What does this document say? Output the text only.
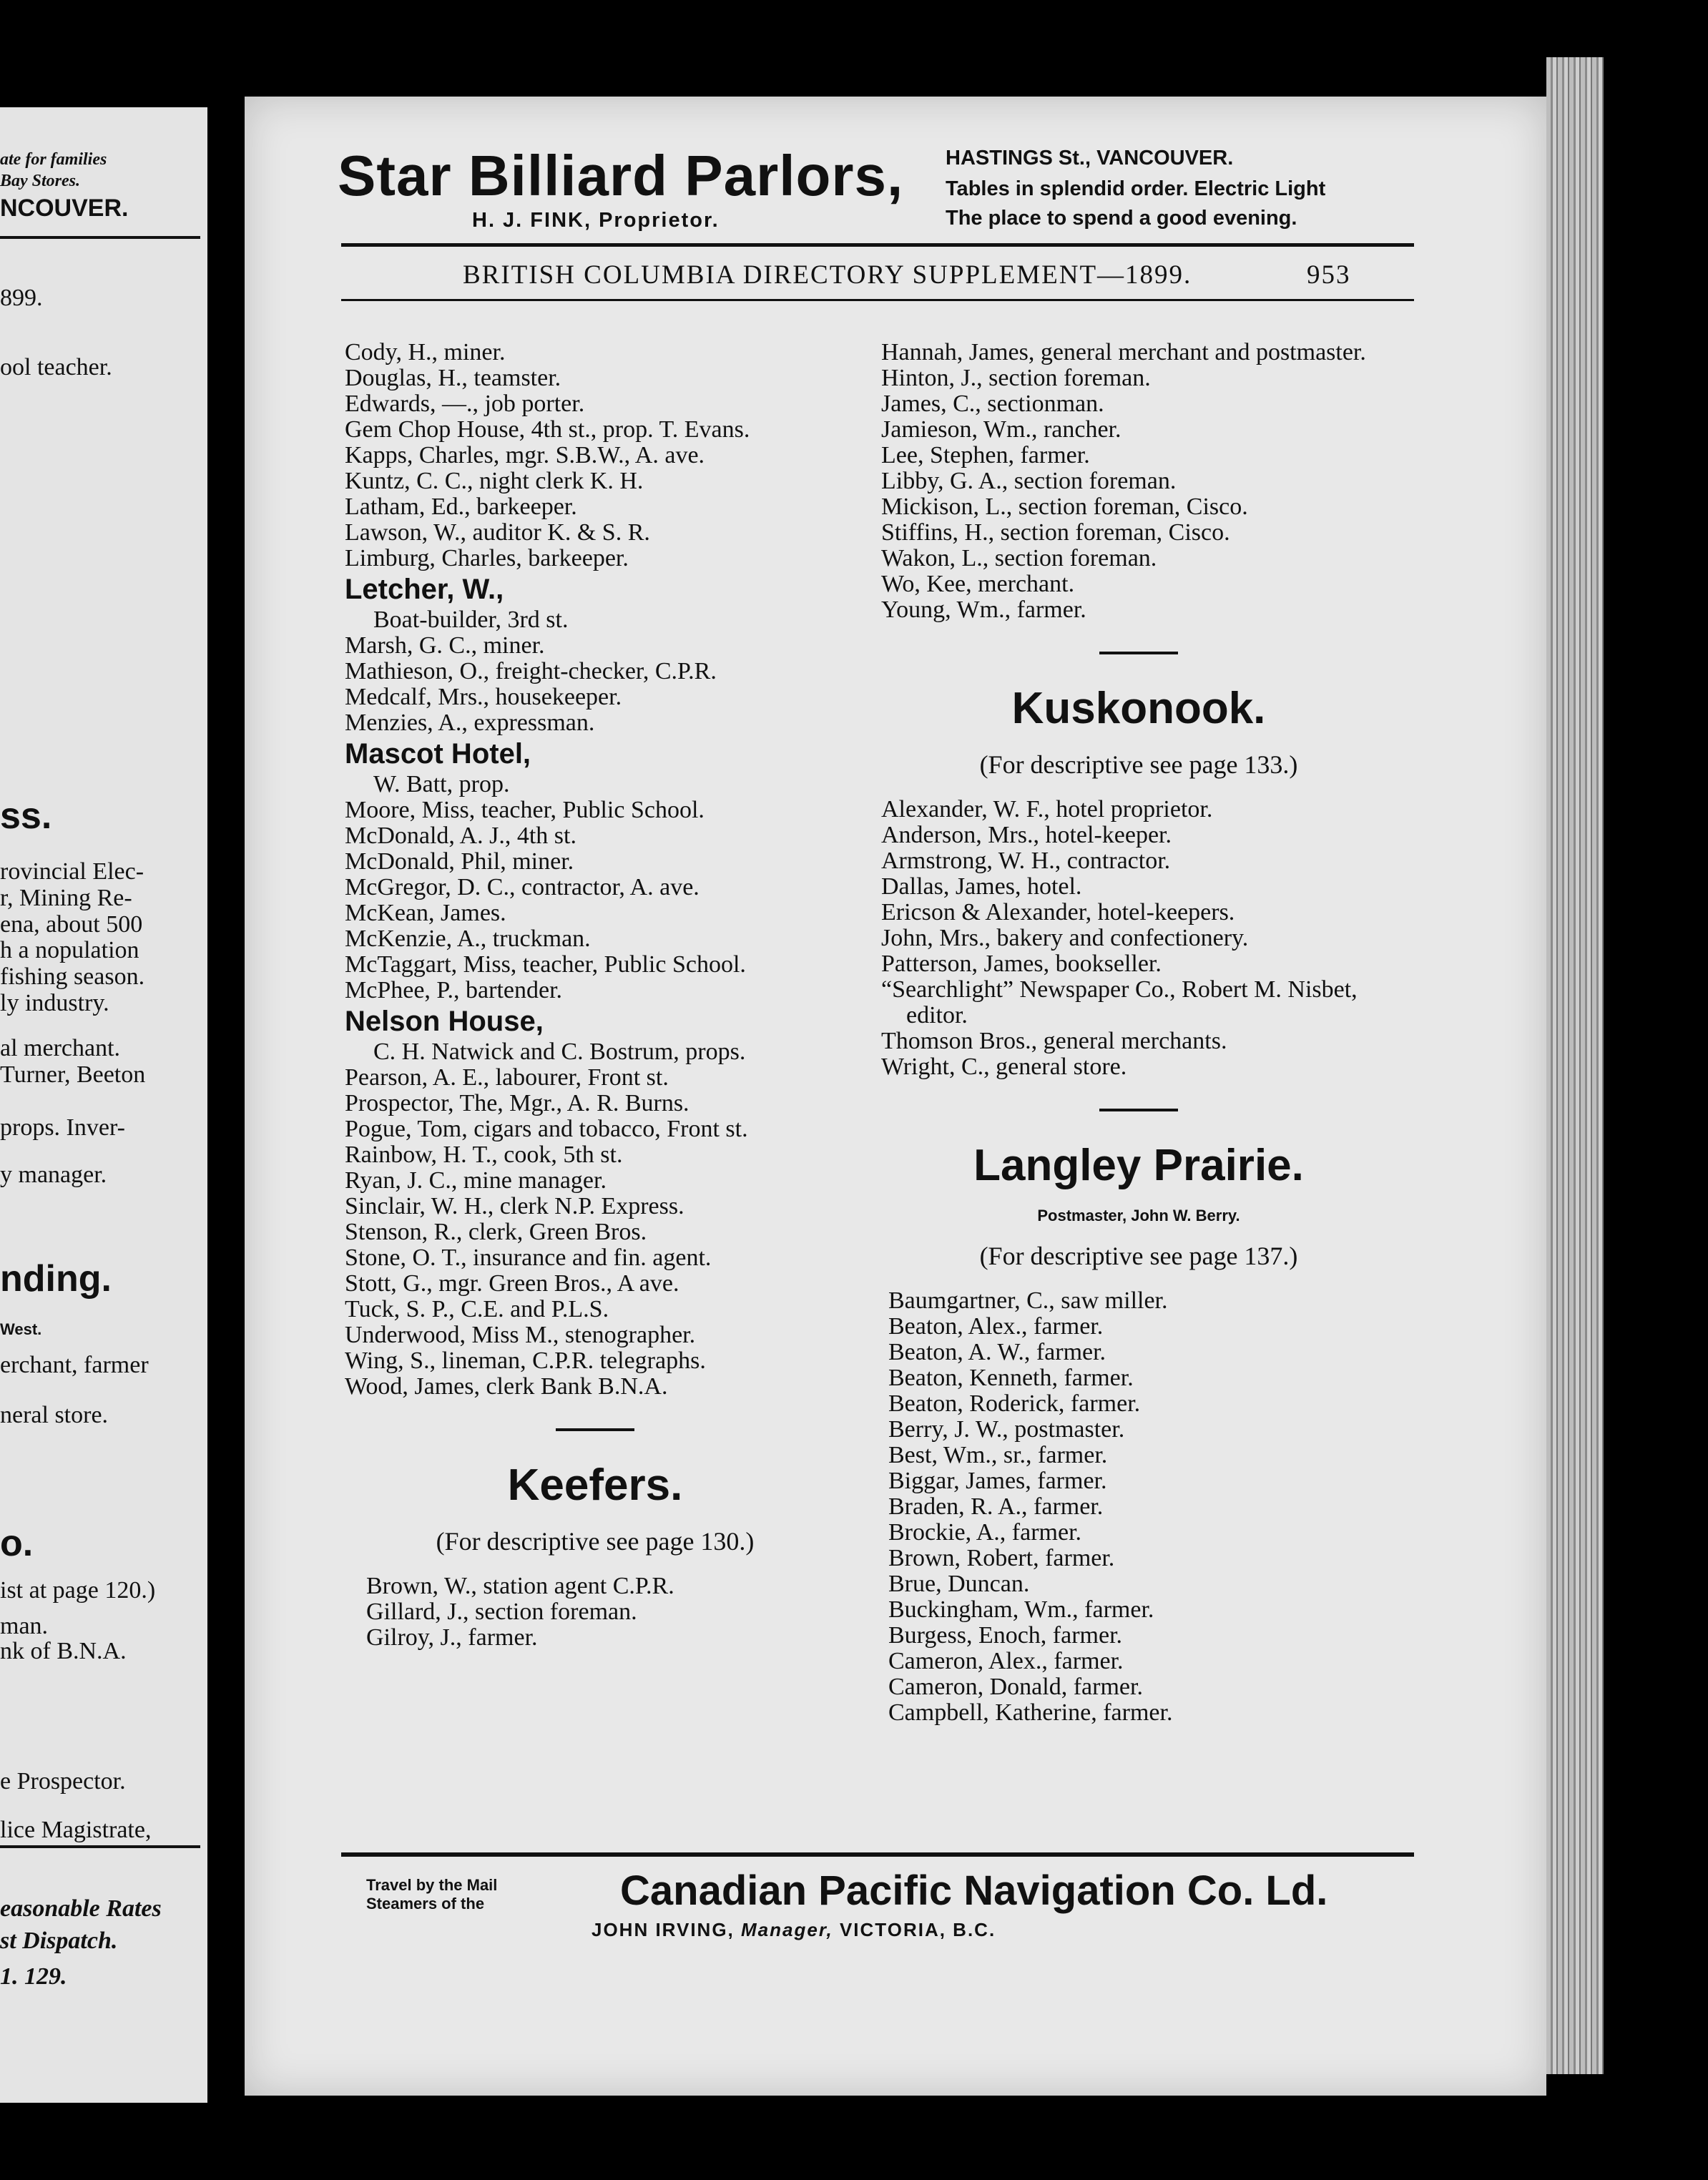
ate for families
Bay Stores.
NCOUVER.
899.
ool teacher.
ss.
rovincial Elec-
r, Mining Re-
ena, about 500
h a nopulation
fishing season.
ly industry.
al merchant.
Turner, Beeton
props. Inver-
y manager.
nding.
West.
erchant, farmer
neral store.
o.
ist at page 120.)
man.
nk of B.N.A.
e Prospector.
lice Magistrate,
easonable Rates
st Dispatch.
1. 129.
Star Billiard Parlors,
H. J. FINK, Proprietor.
HASTINGS St., VANCOUVER.
Tables in splendid order. Electric Light
The place to spend a good evening.
BRITISH COLUMBIA DIRECTORY SUPPLEMENT—1899.	953

Cody, H., miner.

Douglas, H., teamster.

Edwards, —., job porter.

Gem Chop House, 4th st., prop. T. Evans.

Kapps, Charles, mgr. S.B.W., A. ave.

Kuntz, C. C., night clerk K. H.

Latham, Ed., barkeeper.

Lawson, W., auditor K. & S. R.

Limburg, Charles, barkeeper.

Letcher, W.,

Boat-builder, 3rd st.

Marsh, G. C., miner.

Mathieson, O., freight-checker, C.P.R.

Medcalf, Mrs., housekeeper.

Menzies, A., expressman.

Mascot Hotel,

W. Batt, prop.

Moore, Miss, teacher, Public School.

McDonald, A. J., 4th st.

McDonald, Phil, miner.

McGregor, D. C., contractor, A. ave.

McKean, James.

McKenzie, A., truckman.

McTaggart, Miss, teacher, Public School.

McPhee, P., bartender.

Nelson House,

C. H. Natwick and C. Bostrum, props.

Pearson, A. E., labourer, Front st.

Prospector, The, Mgr., A. R. Burns.

Pogue, Tom, cigars and tobacco, Front st.

Rainbow, H. T., cook, 5th st.

Ryan, J. C., mine manager.

Sinclair, W. H., clerk N.P. Express.

Stenson, R., clerk, Green Bros.

Stone, O. T., insurance and fin. agent.

Stott, G., mgr. Green Bros., A ave.

Tuck, S. P., C.E. and P.L.S.

Underwood, Miss M., stenographer.

Wing, S., lineman, C.P.R. telegraphs.

Wood, James, clerk Bank B.N.A.

Keefers.
(For descriptive see page 130.)

Brown, W., station agent C.P.R.

Gillard, J., section foreman.

Gilroy, J., farmer.

Hannah, James, general merchant and postmaster.

Hinton, J., section foreman.

James, C., sectionman.

Jamieson, Wm., rancher.

Lee, Stephen, farmer.

Libby, G. A., section foreman.

Mickison, L., section foreman, Cisco.

Stiffins, H., section foreman, Cisco.

Wakon, L., section foreman.

Wo, Kee, merchant.

Young, Wm., farmer.

Kuskonook.
(For descriptive see page 133.)

Alexander, W. F., hotel proprietor.

Anderson, Mrs., hotel-keeper.

Armstrong, W. H., contractor.

Dallas, James, hotel.

Ericson & Alexander, hotel-keepers.

John, Mrs., bakery and confectionery.

Patterson, James, bookseller.

“Searchlight” Newspaper Co., Robert M. Nisbet, editor.

Thomson Bros., general merchants.

Wright, C., general store.

Langley Prairie.
Postmaster, John W. Berry.
(For descriptive see page 137.)

Baumgartner, C., saw miller.

Beaton, Alex., farmer.

Beaton, A. W., farmer.

Beaton, Kenneth, farmer.

Beaton, Roderick, farmer.

Berry, J. W., postmaster.

Best, Wm., sr., farmer.

Biggar, James, farmer.

Braden, R. A., farmer.

Brockie, A., farmer.

Brown, Robert, farmer.

Brue, Duncan.

Buckingham, Wm., farmer.

Burgess, Enoch, farmer.

Cameron, Alex., farmer.

Cameron, Donald, farmer.

Campbell, Katherine, farmer.

Travel by the Mail
Steamers of the	Canadian Pacific Navigation Co. Ld.
JOHN IRVING, Manager, VICTORIA, B.C.
